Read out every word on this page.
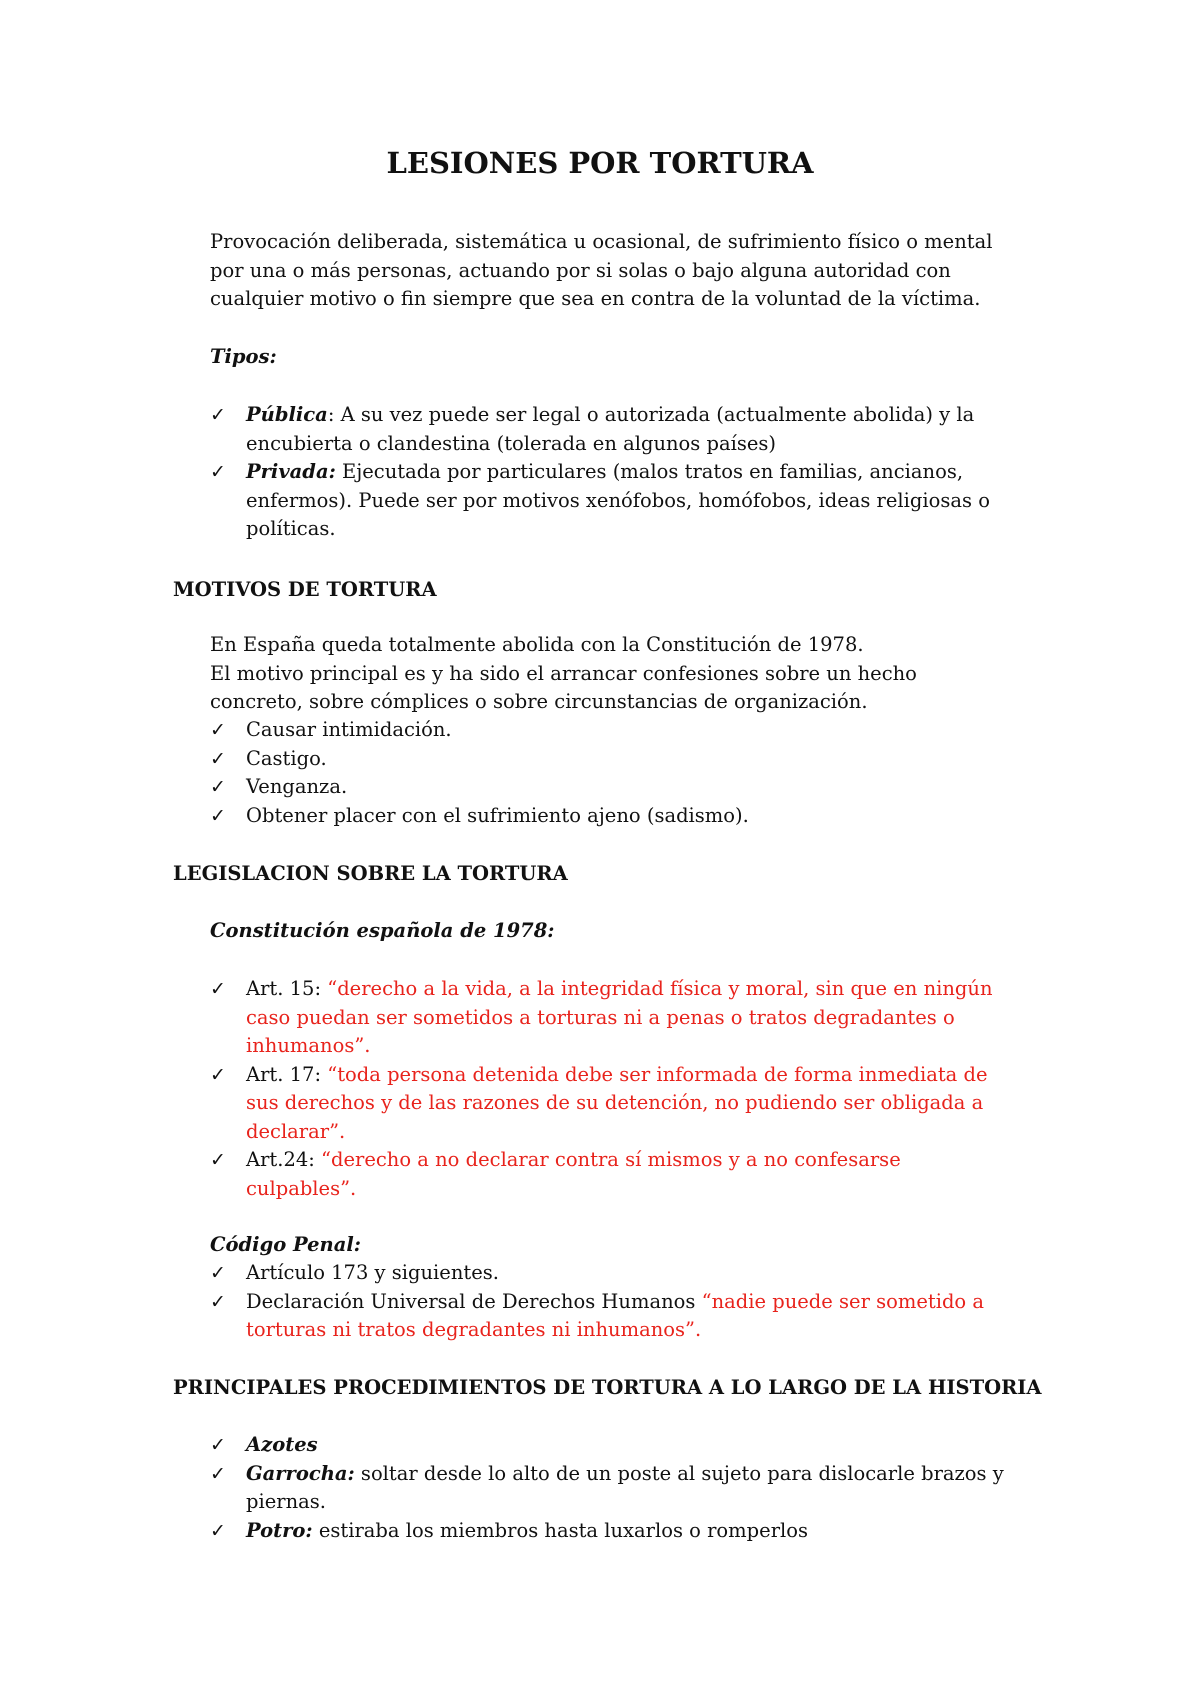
LESIONES POR TORTURA
Provocación deliberada, sistemática u ocasional, de sufrimiento físico o mental
por una o más personas, actuando por si solas o bajo alguna autoridad con
cualquier motivo o fin siempre que sea en contra de la voluntad de la víctima.
Tipos:
✓ Pública: A su vez puede ser legal o autorizada (actualmente abolida) y la
encubierta o clandestina (tolerada en algunos países)
✓ Privada: Ejecutada por particulares (malos tratos en familias, ancianos,
enfermos). Puede ser por motivos xenófobos, homófobos, ideas religiosas o
políticas.
MOTIVOS DE TORTURA
En España queda totalmente abolida con la Constitución de 1978.
El motivo principal es y ha sido el arrancar confesiones sobre un hecho
concreto, sobre cómplices o sobre circunstancias de organización.
✓ Causar intimidación.
✓ Castigo.
✓ Venganza.
✓ Obtener placer con el sufrimiento ajeno (sadismo).
LEGISLACION SOBRE LA TORTURA
Constitución española de 1978:
✓ Art. 15: “derecho a la vida, a la integridad física y moral, sin que en ningún
caso puedan ser sometidos a torturas ni a penas o tratos degradantes o
inhumanos”.
✓ Art. 17: “toda persona detenida debe ser informada de forma inmediata de
sus derechos y de las razones de su detención, no pudiendo ser obligada a
declarar”.
✓ Art.24: “derecho a no declarar contra sí mismos y a no confesarse
culpables”.
Código Penal:
✓ Artículo 173 y siguientes.
✓ Declaración Universal de Derechos Humanos “nadie puede ser sometido a
torturas ni tratos degradantes ni inhumanos”.
PRINCIPALES PROCEDIMIENTOS DE TORTURA A LO LARGO DE LA HISTORIA
✓ Azotes
✓ Garrocha: soltar desde lo alto de un poste al sujeto para dislocarle brazos y
piernas.
✓ Potro: estiraba los miembros hasta luxarlos o romperlos
